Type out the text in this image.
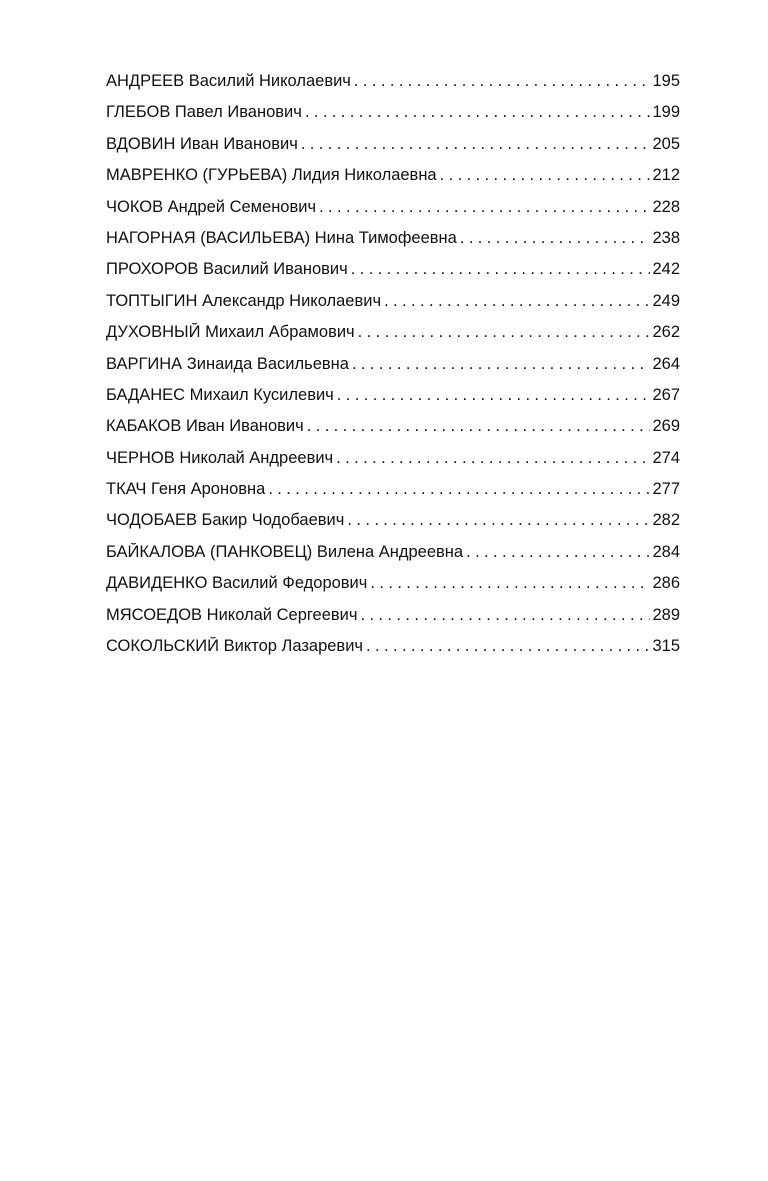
АНДРЕЕВ Василий Николаевич .....	195
ГЛЕБОВ Павел Иванович .....	199
ВДОВИН Иван Иванович .....	205
МАВРЕНКО (ГУРЬЕВА) Лидия Николаевна .....	212
ЧОКОВ Андрей Семенович .....	228
НАГОРНАЯ (ВАСИЛЬЕВА) Нина Тимофеевна .....	238
ПРОХОРОВ Василий Иванович .....	242
ТОПТЫГИН Александр Николаевич .....	249
ДУХОВНЫЙ Михаил Абрамович .....	262
ВАРГИНА Зинаида Васильевна .....	264
БАДАНЕС Михаил Кусилевич .....	267
КАБАКОВ Иван Иванович .....	269
ЧЕРНОВ Николай Андреевич .....	274
ТКАЧ Геня Ароновна .....	277
ЧОДОБАЕВ Бакир Чодобаевич .....	282
БАЙКАЛОВА (ПАНКОВЕЦ) Вилена Андреевна .....	284
ДАВИДЕНКО Василий Федорович .....	286
МЯСОЕДОВ Николай Сергеевич .....	289
СОКОЛЬСКИЙ Виктор Лазаревич .....	315
